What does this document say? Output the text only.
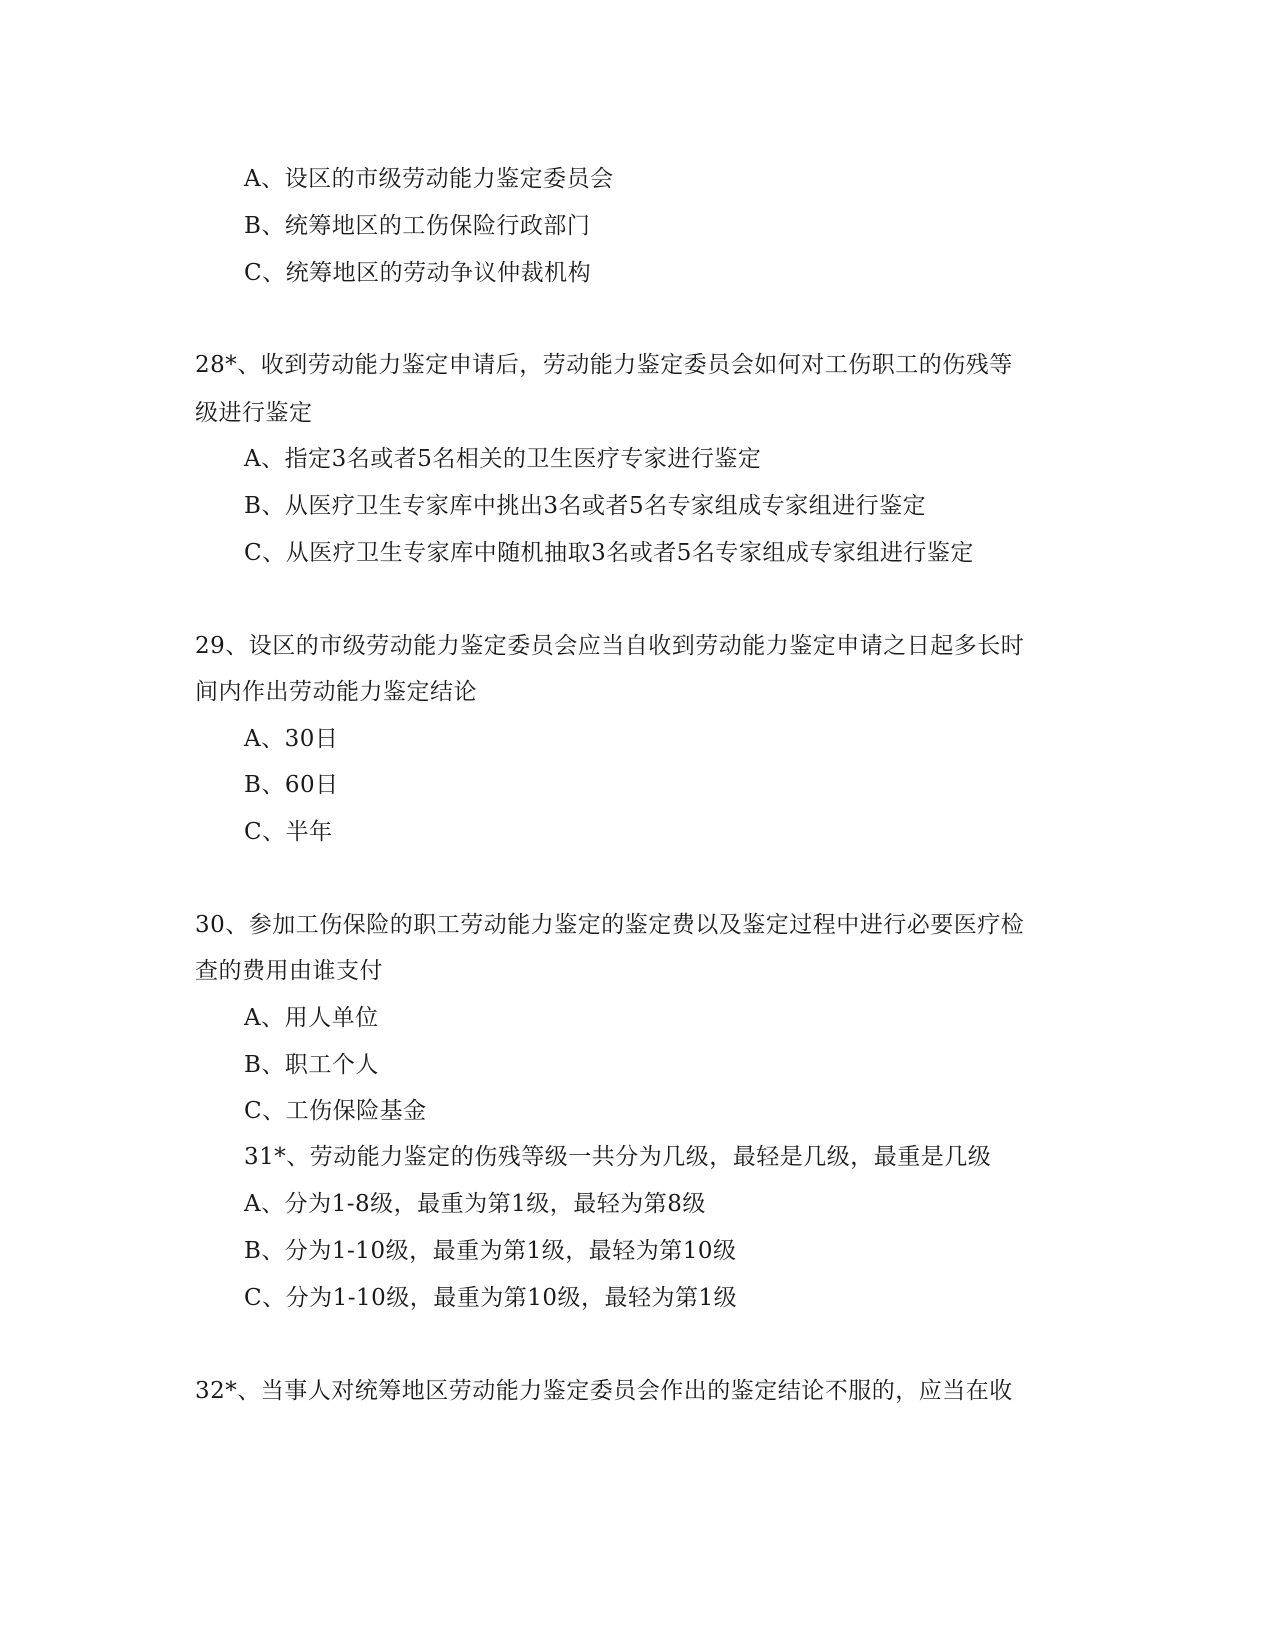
A、设区的市级劳动能力鉴定委员会
B、统筹地区的工伤保险行政部门
C、统筹地区的劳动争议仲裁机构
28*、收到劳动能力鉴定申请后，劳动能力鉴定委员会如何对工伤职工的伤残等
级进行鉴定
A、指定3名或者5名相关的卫生医疗专家进行鉴定
B、从医疗卫生专家库中挑出3名或者5名专家组成专家组进行鉴定
C、从医疗卫生专家库中随机抽取3名或者5名专家组成专家组进行鉴定
29、设区的市级劳动能力鉴定委员会应当自收到劳动能力鉴定申请之日起多长时
间内作出劳动能力鉴定结论
A、30日
B、60日
C、半年
30、参加工伤保险的职工劳动能力鉴定的鉴定费以及鉴定过程中进行必要医疗检
查的费用由谁支付
A、用人单位
B、职工个人
C、工伤保险基金
31*、劳动能力鉴定的伤残等级一共分为几级，最轻是几级，最重是几级
A、分为1-8级，最重为第1级，最轻为第8级
B、分为1-10级，最重为第1级，最轻为第10级
C、分为1-10级，最重为第10级，最轻为第1级
32*、当事人对统筹地区劳动能力鉴定委员会作出的鉴定结论不服的，应当在收
